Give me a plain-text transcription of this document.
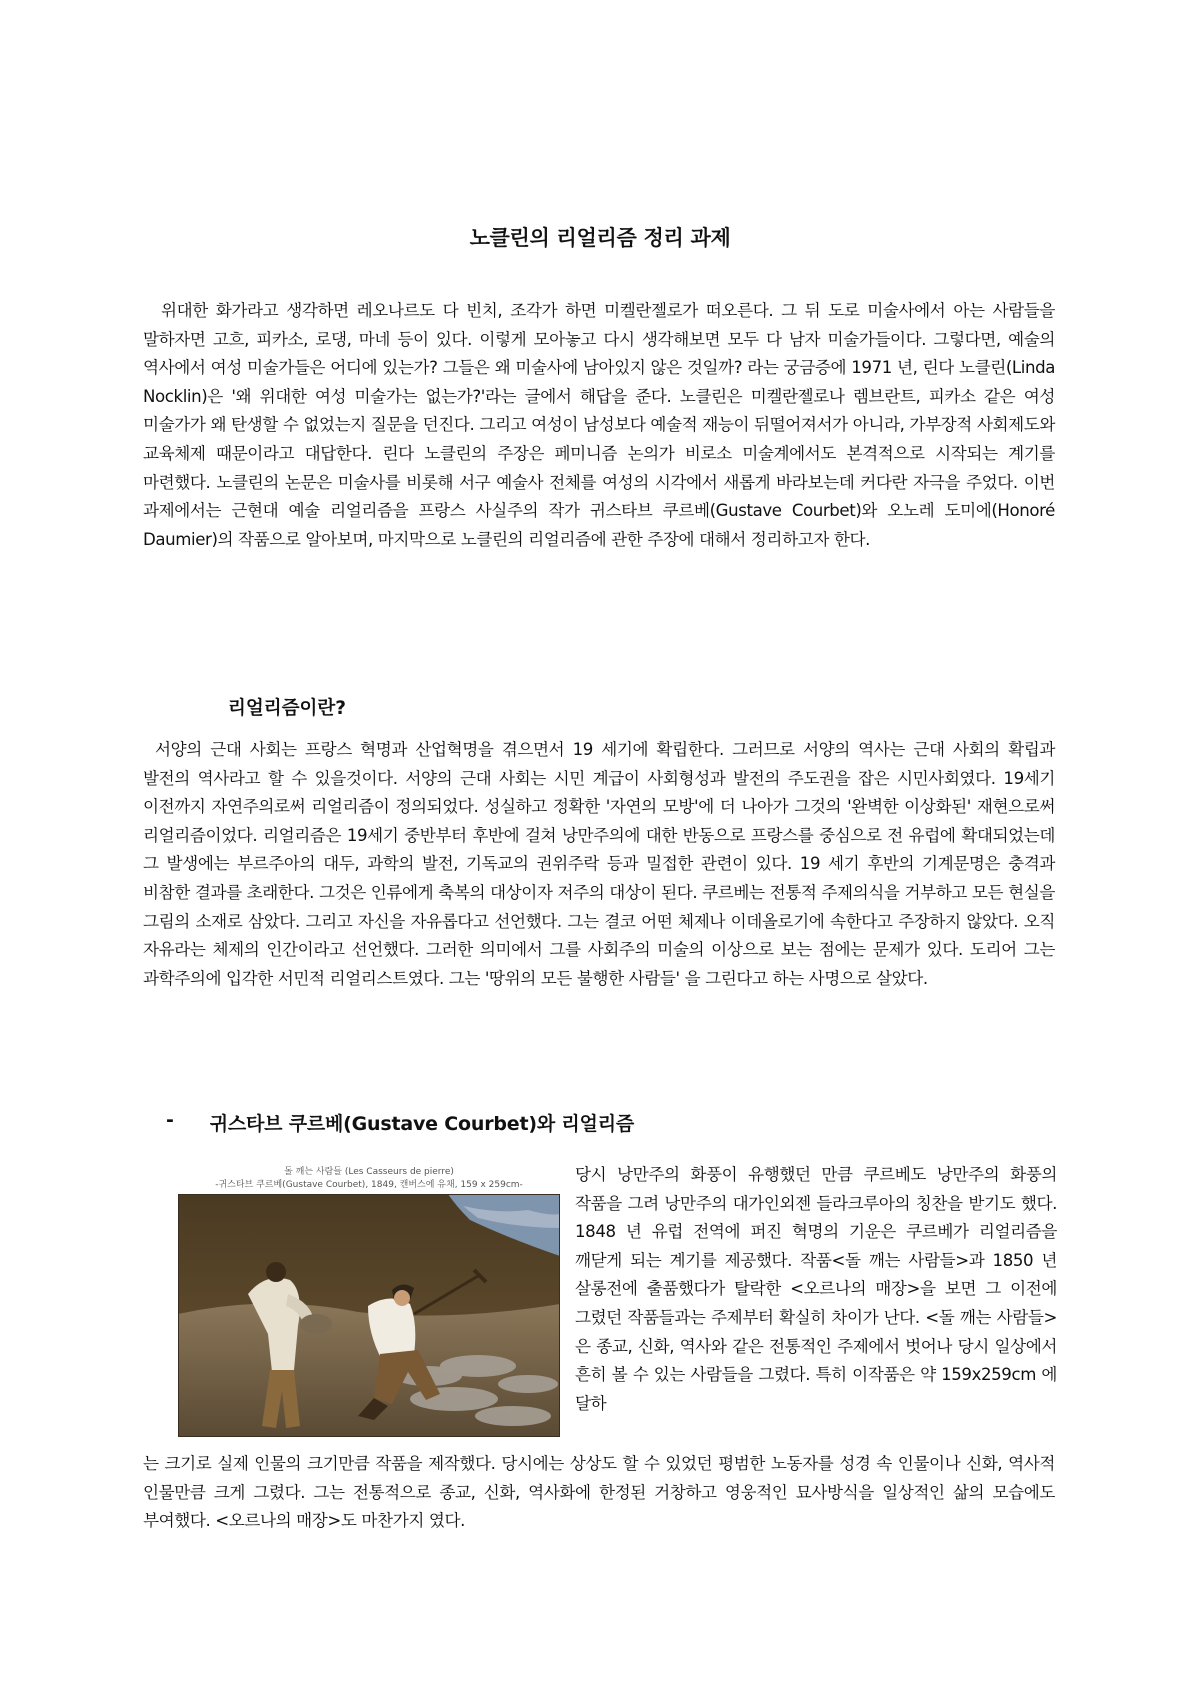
노클린의 리얼리즘 정리 과제

위대한 화가라고 생각하면 레오나르도 다 빈치, 조각가 하면 미켈란젤로가 떠오른다. 그 뒤 도로 미술사에서 아는 사람들을 말하자면 고흐, 피카소, 로댕, 마네 등이 있다. 이렇게 모아놓고 다시 생각해보면 모두 다 남자 미술가들이다. 그렇다면, 예술의 역사에서 여성 미술가들은 어디에 있는가? 그들은 왜 미술사에 남아있지 않은 것일까? 라는 궁금증에 1971 년, 린다 노클린(Linda Nocklin)은 '왜 위대한 여성 미술가는 없는가?'라는 글에서 해답을 준다. 노클린은 미켈란젤로나 렘브란트, 피카소 같은 여성 미술가가 왜 탄생할 수 없었는지 질문을 던진다. 그리고 여성이 남성보다 예술적 재능이 뒤떨어져서가 아니라, 가부장적 사회제도와 교육체제 때문이라고 대답한다. 린다 노클린의 주장은 페미니즘 논의가 비로소 미술계에서도 본격적으로 시작되는 계기를 마련했다. 노클린의 논문은 미술사를 비롯해 서구 예술사 전체를 여성의 시각에서 새롭게 바라보는데 커다란 자극을 주었다. 이번 과제에서는 근현대 예술 리얼리즘을 프랑스 사실주의 작가 귀스타브 쿠르베(Gustave Courbet)와 오노레 도미에(Honoré Daumier)의 작품으로 알아보며, 마지막으로 노클린의 리얼리즘에 관한 주장에 대해서 정리하고자 한다.

리얼리즘이란?

서양의 근대 사회는 프랑스 혁명과 산업혁명을 겪으면서 19 세기에 확립한다. 그러므로 서양의 역사는 근대 사회의 확립과 발전의 역사라고 할 수 있을것이다. 서양의 근대 사회는 시민 계급이 사회형성과 발전의 주도권을 잡은 시민사회였다. 19세기 이전까지 자연주의로써 리얼리즘이 정의되었다. 성실하고 정확한 '자연의 모방'에 더 나아가 그것의 '완벽한 이상화된' 재현으로써 리얼리즘이었다. 리얼리즘은 19세기 중반부터 후반에 걸쳐 낭만주의에 대한 반동으로 프랑스를 중심으로 전 유럽에 확대되었는데 그 발생에는 부르주아의 대두, 과학의 발전, 기독교의 권위주락 등과 밀접한 관련이 있다. 19 세기 후반의 기계문명은 충격과 비참한 결과를 초래한다. 그것은 인류에게 축복의 대상이자 저주의 대상이 된다. 쿠르베는 전통적 주제의식을 거부하고 모든 현실을 그림의 소재로 삼았다. 그리고 자신을 자유롭다고 선언했다. 그는 결코 어떤 체제나 이데올로기에 속한다고 주장하지 않았다. 오직 자유라는 체제의 인간이라고 선언했다. 그러한 의미에서 그를 사회주의 미술의 이상으로 보는 점에는 문제가 있다. 도리어 그는 과학주의에 입각한 서민적 리얼리스트였다. 그는 '땅위의 모든 불행한 사람들' 을 그린다고 하는 사명으로 살았다.

- 귀스타브 쿠르베(Gustave Courbet)와 리얼리즘
돌 깨는 사람들 (Les Casseurs de pierre)
-귀스타브 쿠르베(Gustave Courbet), 1849, 캔버스에 유채, 159 x 259cm-

당시 낭만주의 화풍이 유행했던 만큼 쿠르베도 낭만주의 화풍의 작품을 그려 낭만주의 대가인외젠 들라크루아의 칭찬을 받기도 했다. 1848 년 유럽 전역에 퍼진 혁명의 기운은 쿠르베가 리얼리즘을 깨닫게 되는 계기를 제공했다. 작품<돌 깨는 사람들>과 1850 년 살롱전에 출품했다가 탈락한 <오르나의 매장>을 보면 그 이전에 그렸던 작품들과는 주제부터 확실히 차이가 난다. <돌 깨는 사람들>은 종교, 신화, 역사와 같은 전통적인 주제에서 벗어나 당시 일상에서 흔히 볼 수 있는 사람들을 그렸다. 특히 이작품은 약 159x259cm 에 달하

는 크기로 실제 인물의 크기만큼 작품을 제작했다. 당시에는 상상도 할 수 있었던 평범한 노동자를 성경 속 인물이나 신화, 역사적 인물만큼 크게 그렸다. 그는 전통적으로 종교, 신화, 역사화에 한정된 거창하고 영웅적인 묘사방식을 일상적인 삶의 모습에도 부여했다. <오르나의 매장>도 마찬가지 였다.
